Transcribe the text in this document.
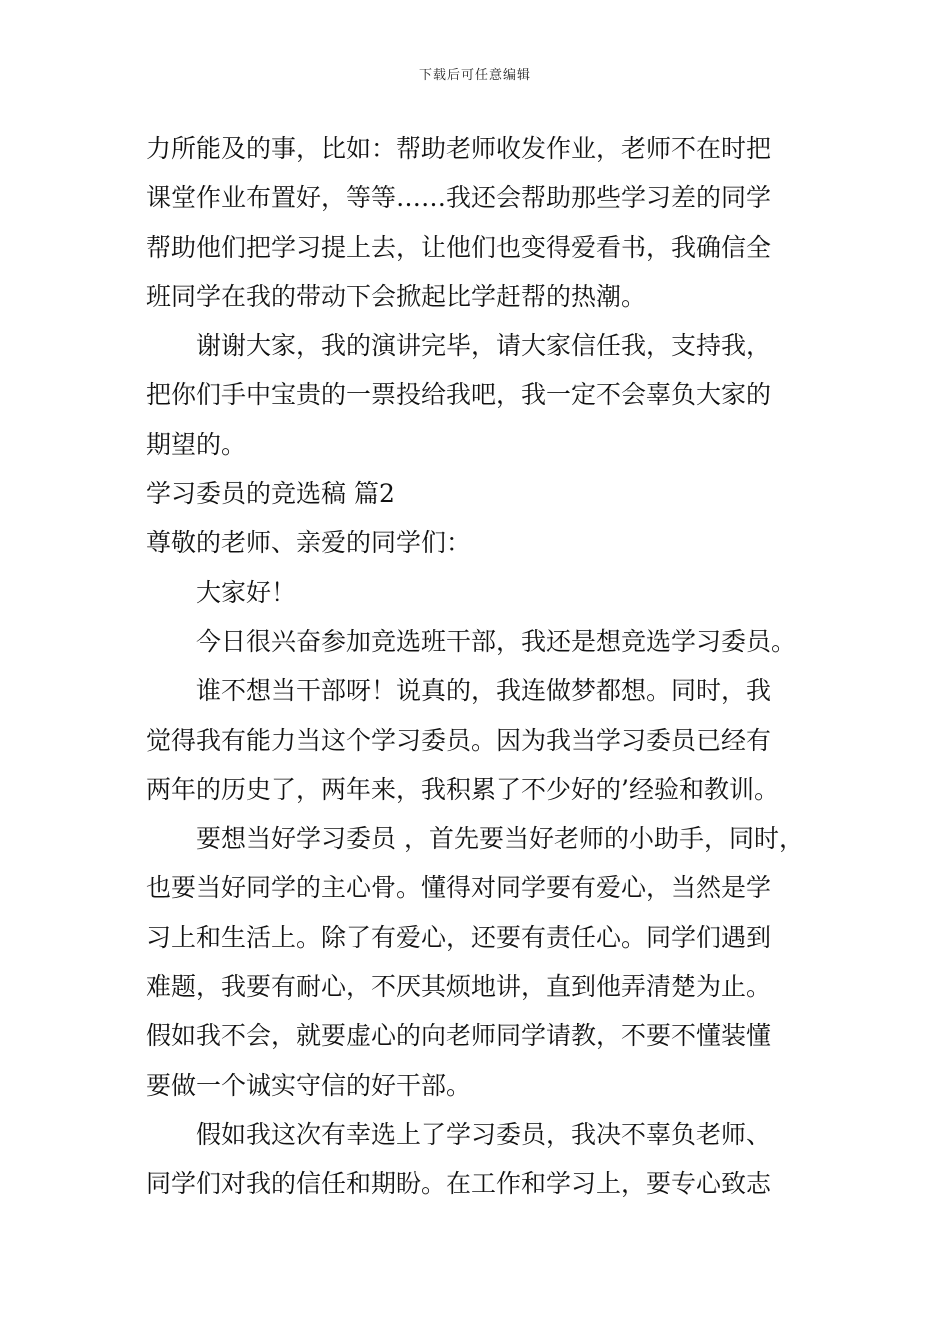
下载后可任意编辑
力所能及的事，比如：帮助老师收发作业，老师不在时把
课堂作业布置好，等等……我还会帮助那些学习差的同学
帮助他们把学习提上去，让他们也变得爱看书，我确信全
班同学在我的带动下会掀起比学赶帮的热潮。
谢谢大家，我的演讲完毕，请大家信任我，支持我，
把你们手中宝贵的一票投给我吧，我一定不会辜负大家的
期望的。
学习委员的竞选稿 篇2
尊敬的老师、亲爱的同学们：
大家好！
今日很兴奋参加竞选班干部，我还是想竞选学习委员。
谁不想当干部呀！说真的，我连做梦都想。同时，我
觉得我有能力当这个学习委员。因为我当学习委员已经有
两年的历史了，两年来，我积累了不少好的’经验和教训。
要想当好学习委员 ，首先要当好老师的小助手，同时，
也要当好同学的主心骨。懂得对同学要有爱心，当然是学
习上和生活上。除了有爱心，还要有责任心。同学们遇到
难题，我要有耐心，不厌其烦地讲，直到他弄清楚为止。
假如我不会，就要虚心的向老师同学请教，不要不懂装懂
要做一个诚实守信的好干部。
假如我这次有幸选上了学习委员，我决不辜负老师、
同学们对我的信任和期盼。在工作和学习上，要专心致志
